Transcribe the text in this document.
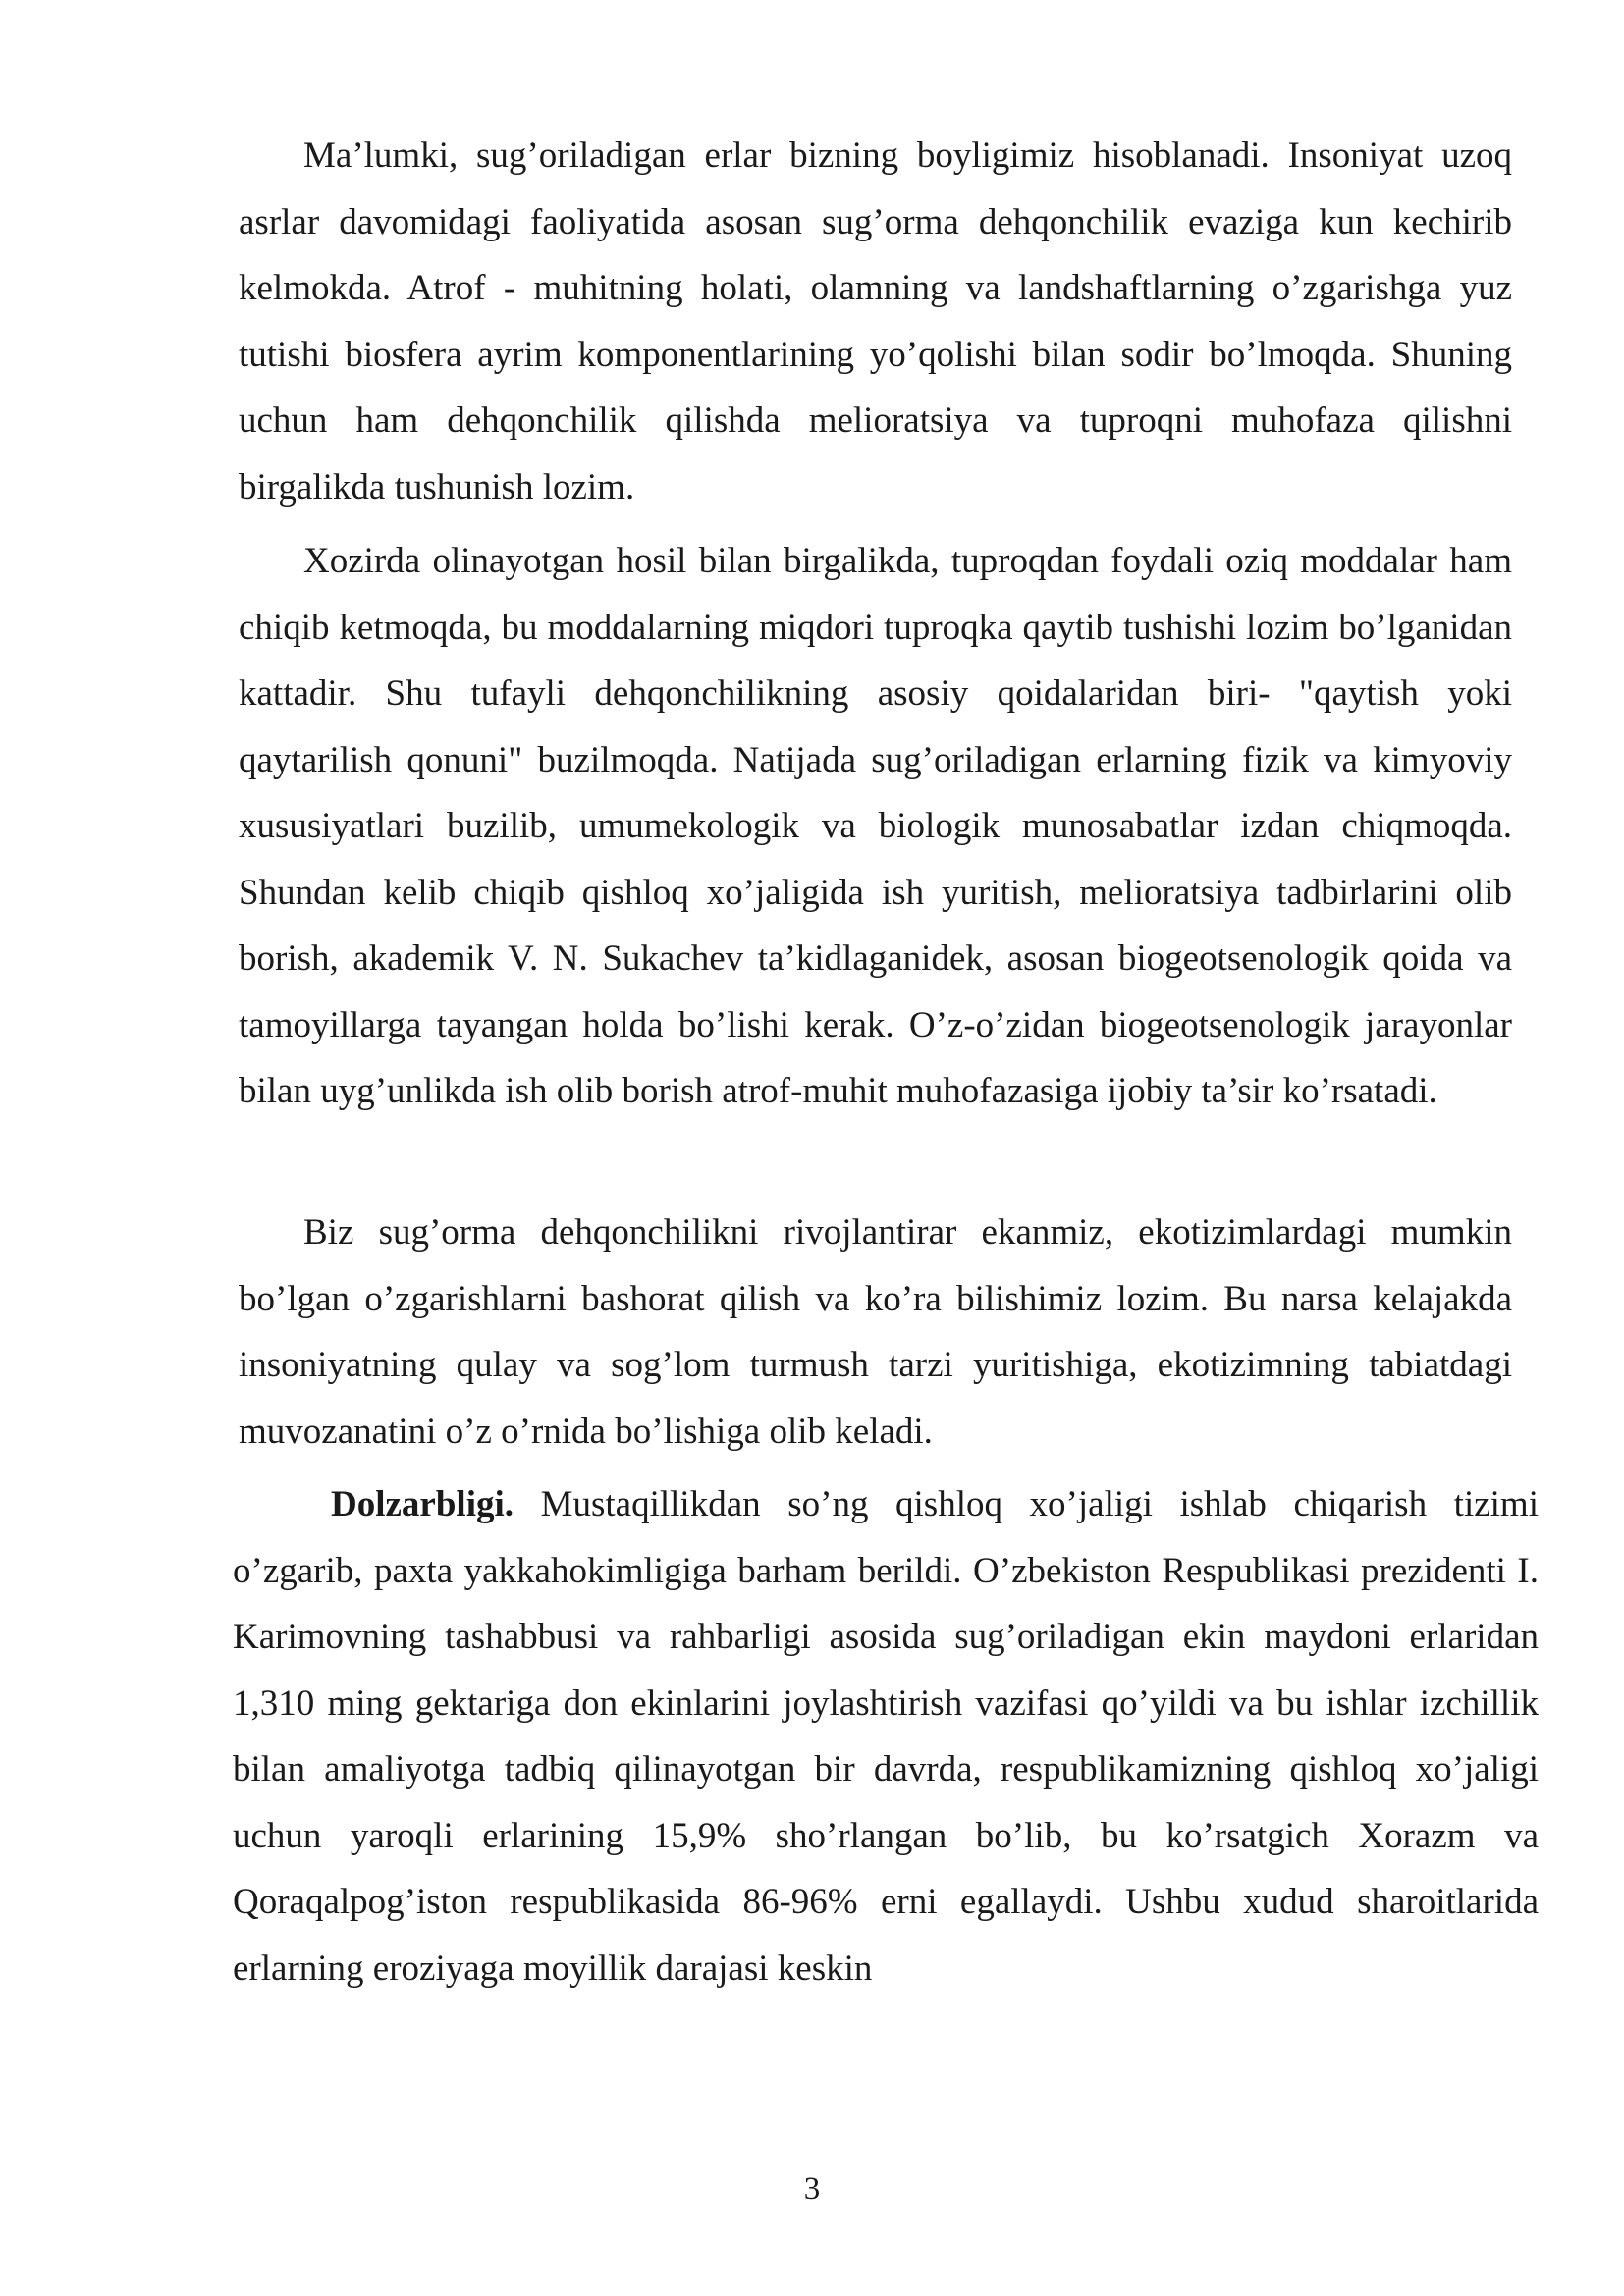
Ma’lumki, sug’oriladigan erlar bizning boyligimiz hisoblanadi. Insoniyat uzoq asrlar davomidagi faoliyatida asosan sug’orma dehqonchilik evaziga kun kechirib kelmokda. Atrof - muhitning holati, olamning va landshaftlarning o’zgarishga yuz tutishi biosfera ayrim komponentlarining yo’qolishi bilan sodir bo’lmoqda. Shuning uchun ham dehqonchilik qilishda melioratsiya va tuproqni muhofaza qilishni birgalikda tushunish lozim.

Xozirda olinayotgan hosil bilan birgalikda, tuproqdan foydali oziq moddalar ham chiqib ketmoqda, bu moddalarning miqdori tuproqka qaytib tushishi lozim bo’lganidan kattadir. Shu tufayli dehqonchilikning asosiy qoidalaridan biri- "qaytish yoki qaytarilish qonuni" buzilmoqda. Natijada sug’oriladigan erlarning fizik va kimyoviy xususiyatlari buzilib, umumekologik va biologik munosabatlar izdan chiqmoqda. Shundan kelib chiqib qishloq xo’jaligida ish yuritish, melioratsiya tadbirlarini olib borish, akademik V. N. Sukachev ta’kidlaganidek, asosan biogeotsenologik qoida va tamoyillarga tayangan holda bo’lishi kerak. O’z-o’zidan biogeotsenologik jarayonlar bilan uyg’unlikda ish olib borish atrof-muhit muhofazasiga ijobiy ta’sir ko’rsatadi.

Biz sug’orma dehqonchilikni rivojlantirar ekanmiz, ekotizimlardagi mumkin bo’lgan o’zgarishlarni bashorat qilish va ko’ra bilishimiz lozim. Bu narsa kelajakda insoniyatning qulay va sog’lom turmush tarzi yuritishiga, ekotizimning tabiatdagi muvozanatini o’z o’rnida bo’lishiga olib keladi.

Dolzarbligi. Mustaqillikdan so’ng qishloq xo’jaligi ishlab chiqarish tizimi o’zgarib, paxta yakkahokimligiga barham berildi. O’zbekiston Respublikasi prezidenti I. Karimovning tashabbusi va rahbarligi asosida sug’oriladigan ekin maydoni erlaridan 1,310 ming gektariga don ekinlarini joylashtirish vazifasi qo’yildi va bu ishlar izchillik bilan amaliyotga tadbiq qilinayotgan bir davrda, respublikamizning qishloq xo’jaligi uchun yaroqli erlarining 15,9% sho’rlangan bo’lib, bu ko’rsatgich Xorazm va Qoraqalpog’iston respublikasida 86-96% erni egallaydi. Ushbu xudud sharoitlarida erlarning eroziyaga moyillik darajasi keskin

3
